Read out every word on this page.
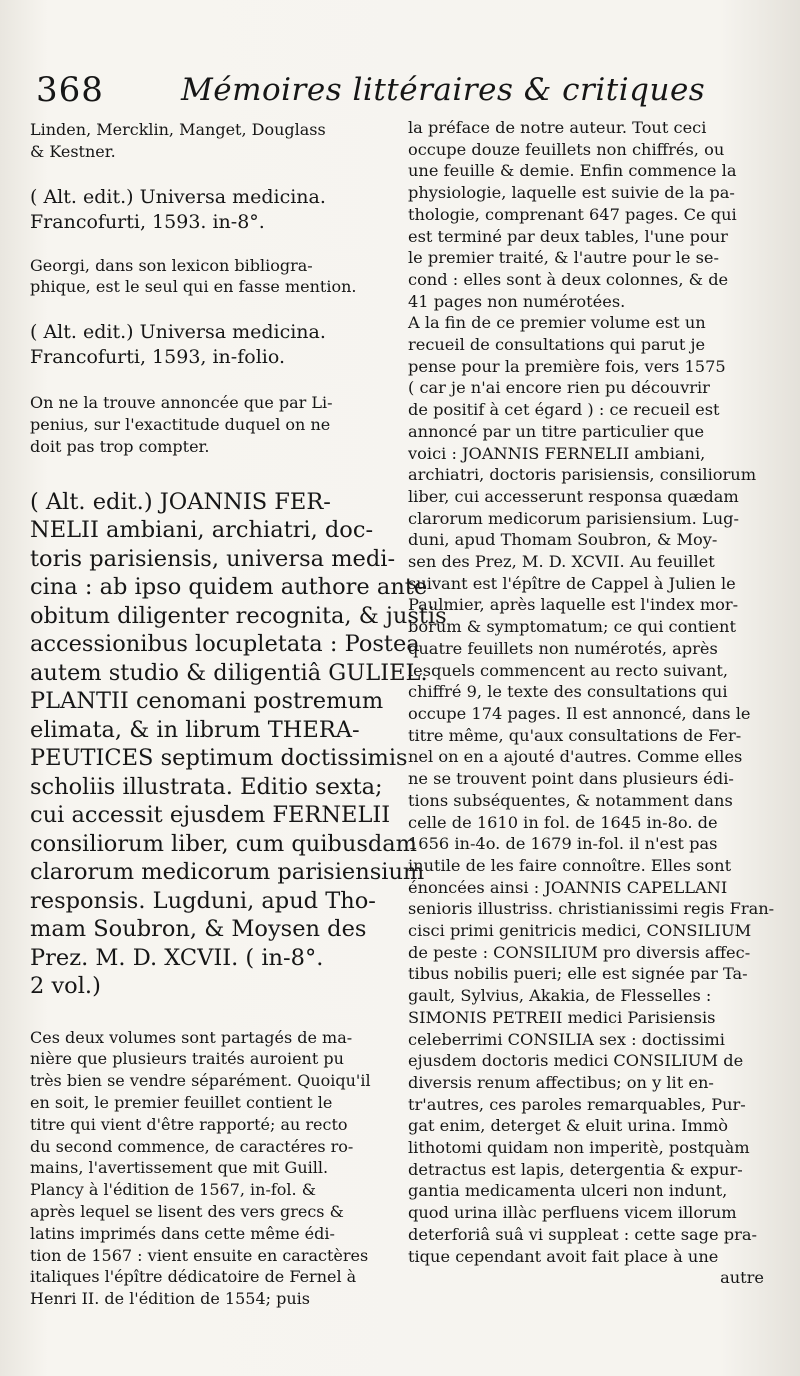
368 Mémoires littéraires & critiques
Linden, Mercklin, Manget, Douglass
& Kestner.
( Alt. edit.) Universa medicina.
Francofurti, 1593. in-8°.
Georgi, dans son lexicon bibliogra-
phique, est le seul qui en fasse mention.
( Alt. edit.) Universa medicina.
Francofurti, 1593, in-folio.
On ne la trouve annoncée que par Li-
penius, sur l'exactitude duquel on ne
doit pas trop compter.
( Alt. edit.) JOANNIS FER-
NELII ambiani, archiatri, doc-
toris parisiensis, universa medi-
cina : ab ipso quidem authore ante
obitum diligenter recognita, & justis
accessionibus locupletata : Postea
autem studio & diligentiâ GULIEL.
PLANTII cenomani postremum
elimata, & in librum THERA-
PEUTICES septimum doctissimis
scholiis illustrata. Editio sexta;
cui accessit ejusdem FERNELII
consiliorum liber, cum quibusdam
clarorum medicorum parisiensium
responsis. Lugduni, apud Tho-
mam Soubron, & Moysen des
Prez. M. D. XCVII. ( in-8°.
2 vol.)
Ces deux volumes sont partagés de ma-
nière que plusieurs traités auroient pu
très bien se vendre séparément. Quoiqu'il
en soit, le premier feuillet contient le
titre qui vient d'être rapporté; au recto
du second commence, de caractéres ro-
mains, l'avertissement que mit Guill.
Plancy à l'édition de 1567, in-fol. &
après lequel se lisent des vers grecs &
latins imprimés dans cette même édi-
tion de 1567 : vient ensuite en caractères
italiques l'épître dédicatoire de Fernel à
Henri II. de l'édition de 1554; puis
la préface de notre auteur. Tout ceci
occupe douze feuillets non chiffrés, ou
une feuille & demie. Enfin commence la
physiologie, laquelle est suivie de la pa-
thologie, comprenant 647 pages. Ce qui
est terminé par deux tables, l'une pour
le premier traité, & l'autre pour le se-
cond : elles sont à deux colonnes, & de
41 pages non numérotées.
A la fin de ce premier volume est un
recueil de consultations qui parut je
pense pour la première fois, vers 1575
( car je n'ai encore rien pu découvrir
de positif à cet égard ) : ce recueil est
annoncé par un titre particulier que
voici : JOANNIS FERNELII ambiani,
archiatri, doctoris parisiensis, consiliorum
liber, cui accesserunt responsa quædam
clarorum medicorum parisiensium. Lug-
duni, apud Thomam Soubron, & Moy-
sen des Prez, M. D. XCVII. Au feuillet
suivant est l'épître de Cappel à Julien le
Paulmier, après laquelle est l'index mor-
borum & symptomatum; ce qui contient
quatre feuillets non numérotés, après
lesquels commencent au recto suivant,
chiffré 9, le texte des consultations qui
occupe 174 pages. Il est annoncé, dans le
titre même, qu'aux consultations de Fer-
nel on en a ajouté d'autres. Comme elles
ne se trouvent point dans plusieurs édi-
tions subséquentes, & notamment dans
celle de 1610 in fol. de 1645 in-8o. de
1656 in-4o. de 1679 in-fol. il n'est pas
inutile de les faire connoître. Elles sont
énoncées ainsi : JOANNIS CAPELLANI
senioris illustriss. christianissimi regis Fran-
cisci primi genitricis medici, CONSILIUM
de peste : CONSILIUM pro diversis affec-
tibus nobilis pueri; elle est signée par Ta-
gault, Sylvius, Akakia, de Flesselles :
SIMONIS PETREII medici Parisiensis
celeberrimi CONSILIA sex : doctissimi
ejusdem doctoris medici CONSILIUM de
diversis renum affectibus; on y lit en-
tr'autres, ces paroles remarquables, Pur-
gat enim, deterget & eluit urina. Immò
lithotomi quidam non imperitè, postquàm
detractus est lapis, detergentia & expur-
gantia medicamenta ulceri non indunt,
quod urina illàc perfluens vicem illorum
deterforiâ suâ vi suppleat : cette sage pra-
tique cependant avoit fait place à une
autre
